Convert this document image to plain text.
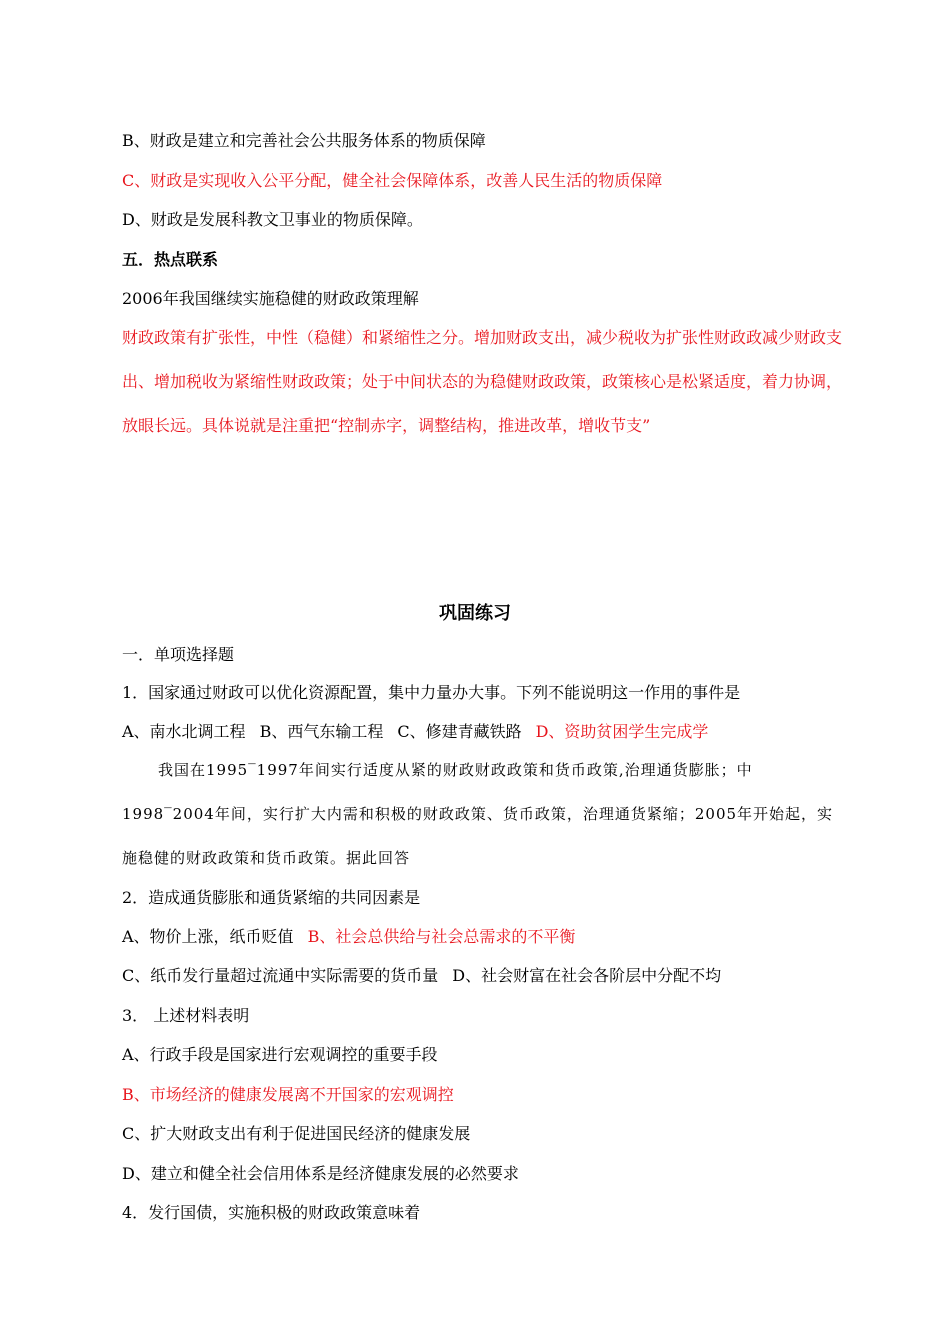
B、财政是建立和完善社会公共服务体系的物质保障
C、财政是实现收入公平分配，健全社会保障体系，改善人民生活的物质保障
D、财政是发展科教文卫事业的物质保障。
五．热点联系
2006年我国继续实施稳健的财政政策理解
财政政策有扩张性，中性（稳健）和紧缩性之分。增加财政支出，减少税收为扩张性财政政减少财政支出、增加税收为紧缩性财政政策；处于中间状态的为稳健财政政策，政策核心是松紧适度，着力协调，放眼长远。具体说就是注重把“控制赤字，调整结构，推进改革，增收节支”
巩固练习
一．单项选择题
1．国家通过财政可以优化资源配置，集中力量办大事。下列不能说明这一作用的事件是
A、南水北调工程 B、西气东输工程 C、修建青藏铁路 D、资助贫困学生完成学
我国在1995‾1997年间实行适度从紧的财政财政政策和货币政策,治理通货膨胀；中1998‾2004年间，实行扩大内需和积极的财政政策、货币政策，治理通货紧缩；2005年开始起，实施稳健的财政政策和货币政策。据此回答
2．造成通货膨胀和通货紧缩的共同因素是
A、物价上涨，纸币贬值 B、社会总供给与社会总需求的不平衡
C、纸币发行量超过流通中实际需要的货币量 D、社会财富在社会各阶层中分配不均
3． 上述材料表明
A、行政手段是国家进行宏观调控的重要手段
B、市场经济的健康发展离不开国家的宏观调控
C、扩大财政支出有利于促进国民经济的健康发展
D、建立和健全社会信用体系是经济健康发展的必然要求
4．发行国债，实施积极的财政政策意味着
